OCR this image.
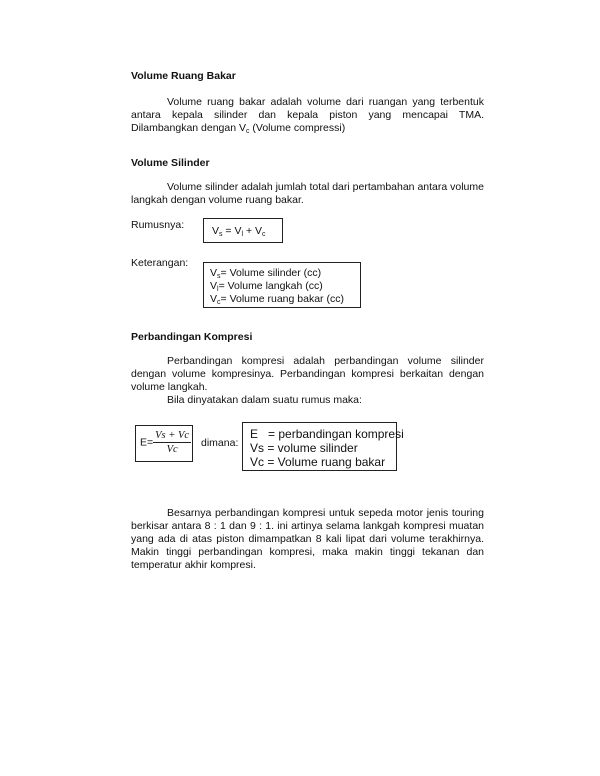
Volume Ruang Bakar
Volume ruang bakar adalah volume dari ruangan yang terbentuk antara kepala silinder dan kepala piston yang mencapai TMA. Dilambangkan dengan $V_c$ (Volume compressi)
Volume Silinder
Volume silinder adalah jumlah total dari pertambahan antara volume langkah dengan volume ruang bakar.
Rumusnya:	$V_s = V_l + V_c$
Keterangan:
$V_s=$ Volume silinder (cc)
$V_l=$ Volume langkah (cc)
$V_c=$ Volume ruang bakar (cc)
Perbandingan Kompresi
Perbandingan kompresi adalah perbandingan volume silinder dengan volume kompresinya. Perbandingan kompresi berkaitan dengan volume langkah.
Bila dinyatakan dalam suatu rumus maka:
$E= \frac{Vs + Vc}{Vc}$ dimana:
E   = perbandingan kompresi
Vs = volume silinder
Vc = Volume ruang bakar
Besarnya perbandingan kompresi untuk sepeda motor jenis touring berkisar antara 8 : 1 dan 9 : 1. ini artinya selama lankgah kompresi muatan yang ada di atas piston dimampatkan 8 kali lipat dari volume terakhirnya. Makin tinggi perbandingan kompresi, maka makin tinggi tekanan dan temperatur akhir kompresi.
